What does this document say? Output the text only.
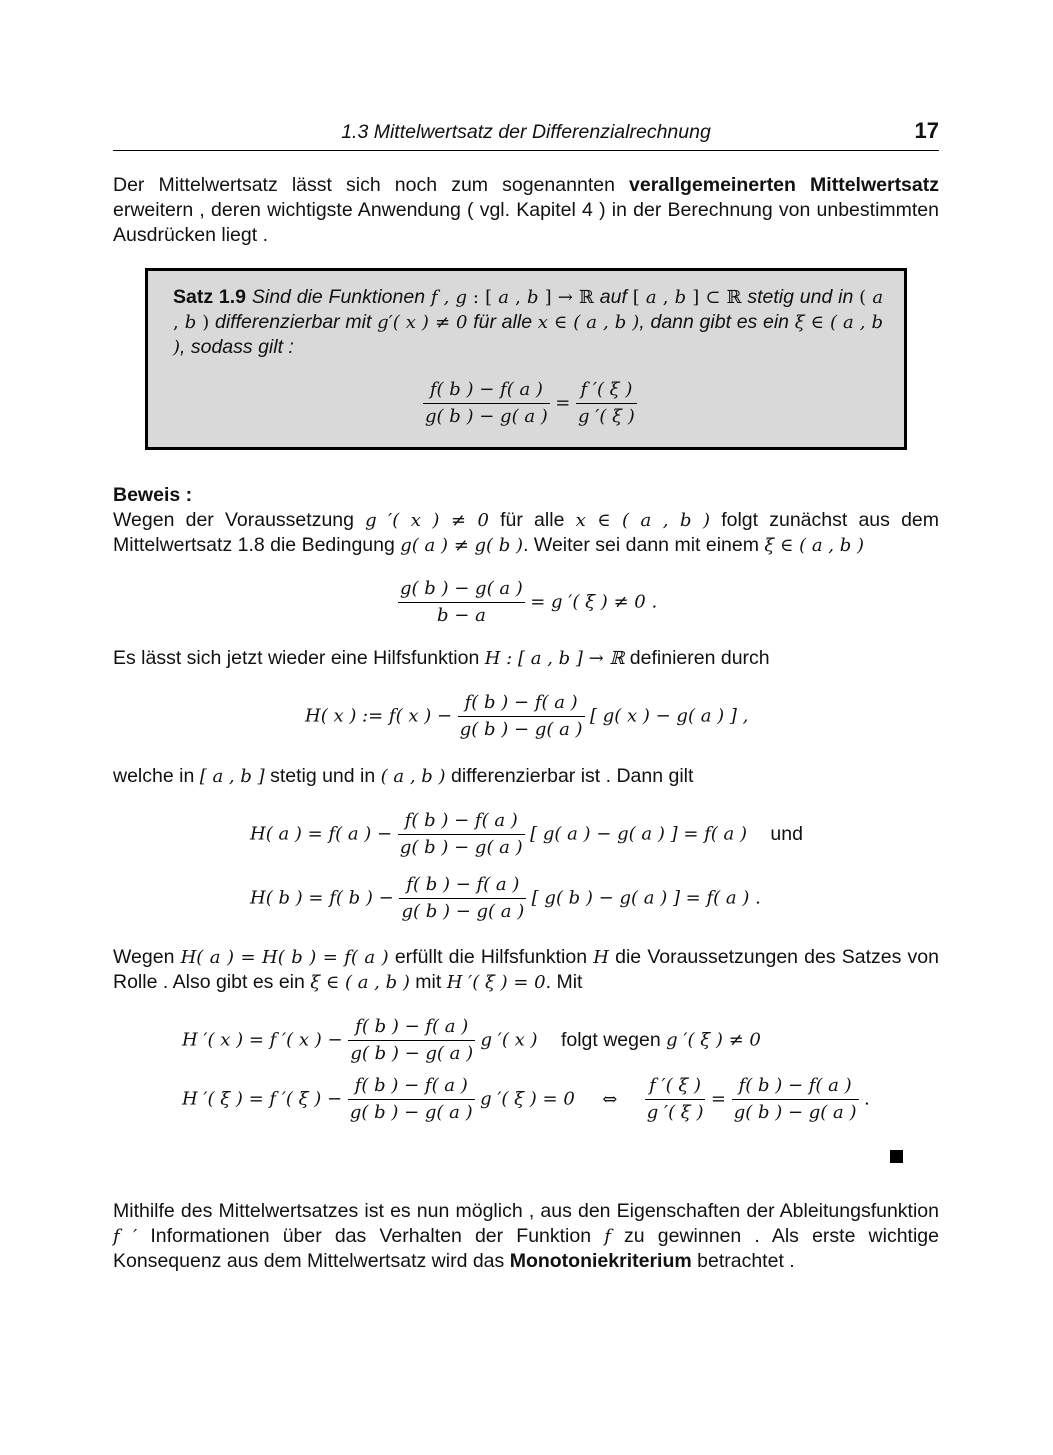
1.3 Mittelwertsatz der Differenzialrechnung	17

Der Mittelwertsatz lässt sich noch zum sogenannten verallgemeinerten Mittelwertsatz erweitern , deren wichtigste Anwendung ( vgl. Kapitel 4 ) in der Berechnung von unbestimmten Ausdrücken liegt .

Satz 1.9 Sind die Funktionen f , g : [ a , b ] → ℝ auf [ a , b ] ⊂ ℝ stetig und in ( a , b ) differenzierbar mit g′( x ) ≠ 0 für alle x ∈ ( a , b ), dann gibt es ein ξ ∈ ( a , b ), sodass gilt :

$\frac{f( b ) - f( a )}{g( b ) - g( a )} = \frac{f '( \xi )}{g '( \xi )}$

Beweis :

Wegen der Voraussetzung g ′( x ) ≠ 0 für alle x ∈ ( a , b ) folgt zunächst aus dem Mittelwertsatz 1.8 die Bedingung g( a ) ≠ g( b ). Weiter sei dann mit einem ξ ∈ ( a , b )

$\frac{g( b ) - g( a )}{b - a} = g$ ′( ξ ) ≠ 0 .

Es lässt sich jetzt wieder eine Hilfsfunktion H : [ a , b ] → ℝ definieren durch

H( x ) := f( x ) − $\frac{f( b ) - f( a )}{g( b ) - g( a )}$ [ g( x ) − g( a ) ] ,

welche in [ a , b ] stetig und in ( a , b ) differenzierbar ist . Dann gilt

H( a ) = f( a ) − $\frac{f( b ) - f( a )}{g( b ) - g( a )}$ [ g( a ) − g( a ) ] = f( a ) und
H( b ) = f( b ) − $\frac{f( b ) - f( a )}{g( b ) - g( a )}$ [ g( b ) − g( a ) ] = f( a ) .

Wegen H( a ) = H( b ) = f( a ) erfüllt die Hilfsfunktion H die Voraussetzungen des Satzes von Rolle . Also gibt es ein ξ ∈ ( a , b ) mit H ′( ξ ) = 0. Mit

H ′( x ) = f ′( x ) − $\frac{f( b ) - f( a )}{g( b ) - g( a )}$ g ′( x ) folgt wegen g ′( ξ ) ≠ 0
H ′( ξ ) = f ′( ξ ) − $\frac{f( b ) - f( a )}{g( b ) - g( a )}$ g ′( ξ ) = 0 ⇔ $\frac{f '( \xi )}{g '( \xi )} = \frac{f( b ) - f( a )}{g( b ) - g( a )}$ .

Mithilfe des Mittelwertsatzes ist es nun möglich , aus den Eigenschaften der Ableitungsfunktion f ′ Informationen über das Verhalten der Funktion f zu gewinnen . Als erste wichtige Konsequenz aus dem Mittelwertsatz wird das Monotoniekriterium betrachtet .
